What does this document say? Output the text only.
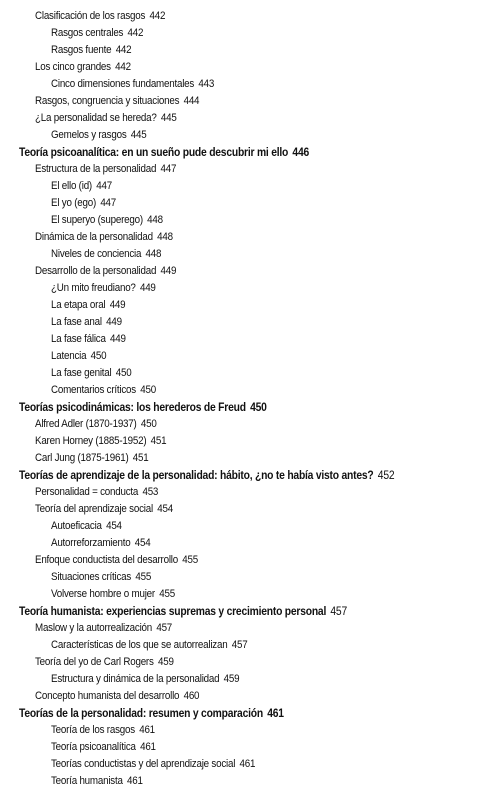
Clasificación de los rasgos 442
Rasgos centrales 442
Rasgos fuente 442
Los cinco grandes 442
Cinco dimensiones fundamentales 443
Rasgos, congruencia y situaciones 444
¿La personalidad se hereda? 445
Gemelos y rasgos 445
Teoría psicoanalítica: en un sueño pude descubrir mi ello 446
Estructura de la personalidad 447
El ello (id) 447
El yo (ego) 447
El superyo (superego) 448
Dinámica de la personalidad 448
Niveles de conciencia 448
Desarrollo de la personalidad 449
¿Un mito freudiano? 449
La etapa oral 449
La fase anal 449
La fase fálica 449
Latencia 450
La fase genital 450
Comentarios críticos 450
Teorías psicodinámicas: los herederos de Freud 450
Alfred Adler (1870-1937) 450
Karen Horney (1885-1952) 451
Carl Jung (1875-1961) 451
Teorías de aprendizaje de la personalidad: hábito, ¿no te había visto antes? 452
Personalidad = conducta 453
Teoría del aprendizaje social 454
Autoeficacia 454
Autorreforzamiento 454
Enfoque conductista del desarrollo 455
Situaciones críticas 455
Volverse hombre o mujer 455
Teoría humanista: experiencias supremas y crecimiento personal 457
Maslow y la autorrealización 457
Características de los que se autorrealizan 457
Teoría del yo de Carl Rogers 459
Estructura y dinámica de la personalidad 459
Concepto humanista del desarrollo 460
Teorías de la personalidad: resumen y comparación 461
Teoría de los rasgos 461
Teoría psicoanalítica 461
Teorías conductistas y del aprendizaje social 461
Teoría humanista 461
